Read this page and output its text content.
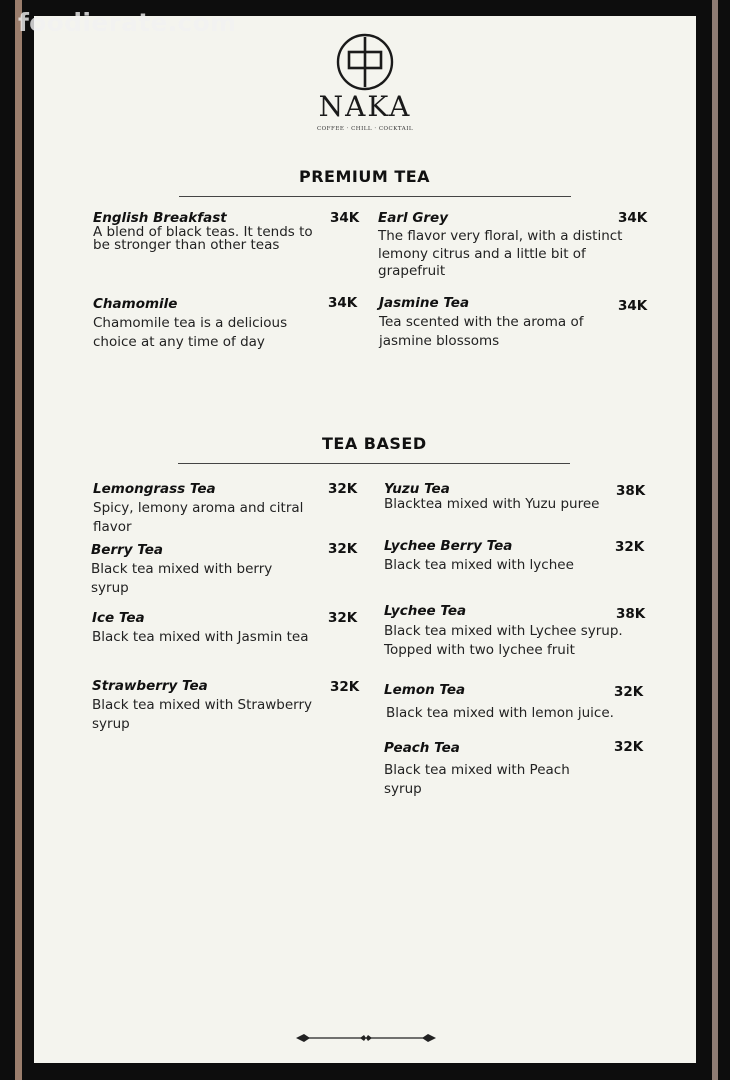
NAKA
COFFEE · CHILL · COCKTAIL
PREMIUM TEA
English Breakfast
A blend of black teas. It tends to be stronger than other teas
34K Earl Grey
The flavor very floral, with a distinct lemony citrus and a little bit of grapefruit
34K
Chamomile
Chamomile tea is a delicious choice at any time of day
34K Jasmine Tea
Tea scented with the aroma of jasmine blossoms
34K
TEA BASED
Lemongrass Tea
Spicy, lemony aroma and citral flavor
32K
Berry Tea
Black tea mixed with berry syrup
32K
Ice Tea
Black tea mixed with Jasmin tea
32K
Strawberry Tea
Black tea mixed with Strawberry syrup
32K
Yuzu Tea
Blacktea mixed with Yuzu puree
38K
Lychee Berry Tea
Black tea mixed with lychee
32K
Lychee Tea
Black tea mixed with Lychee syrup. Topped with two lychee fruit
38K
Lemon Tea
Black tea mixed with lemon juice.
32K
Peach Tea
Black tea mixed with Peach syrup
32K
foodierate.com
